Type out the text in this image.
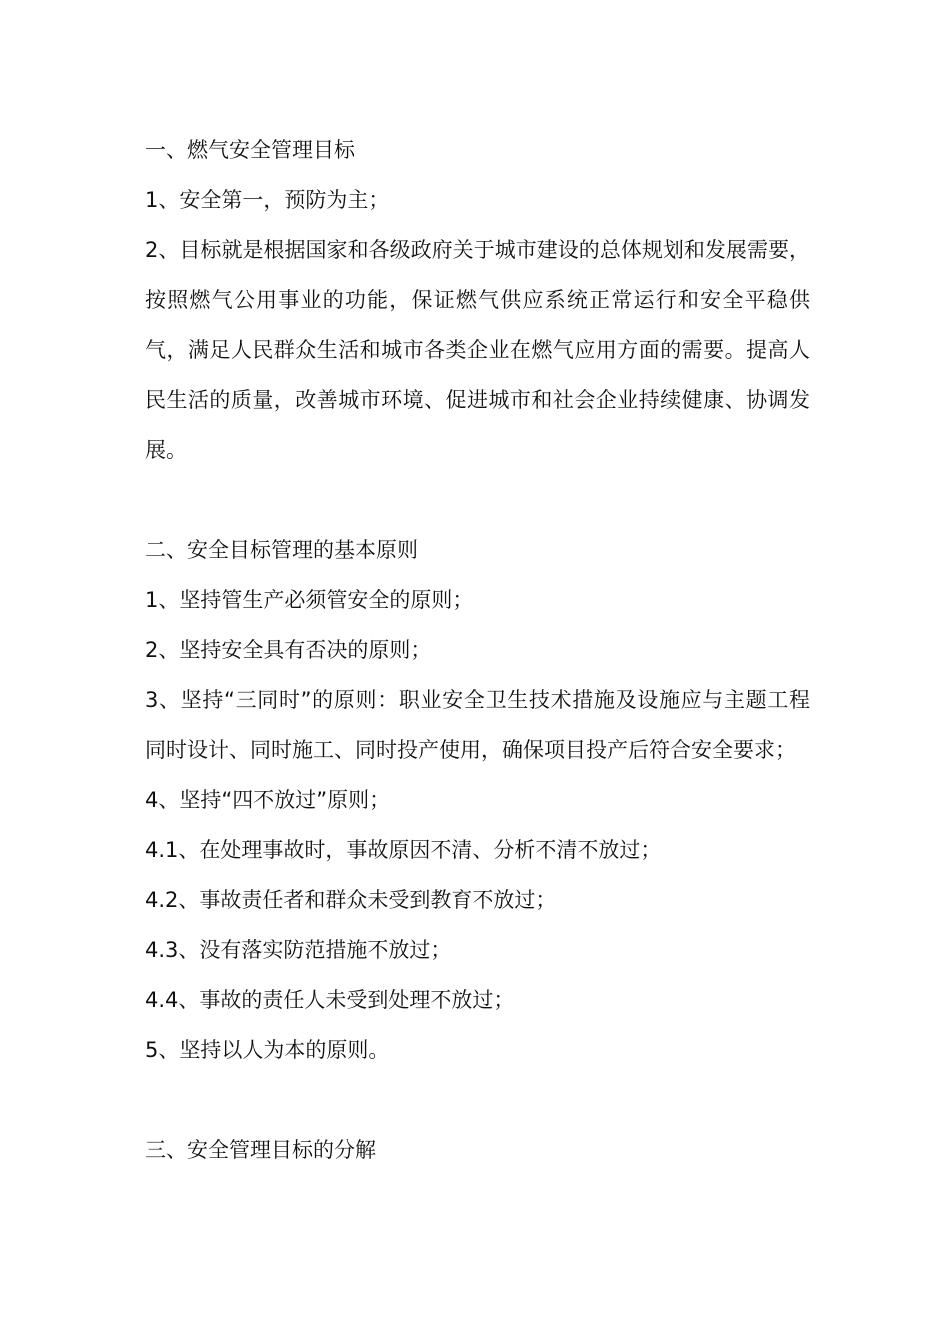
一、燃气安全管理目标
1、安全第一，预防为主；
2、目标就是根据国家和各级政府关于城市建设的总体规划和发展需要，按照燃气公用事业的功能，保证燃气供应系统正常运行和安全平稳供气，满足人民群众生活和城市各类企业在燃气应用方面的需要。提高人民生活的质量，改善城市环境、促进城市和社会企业持续健康、协调发展。
二、安全目标管理的基本原则
1、坚持管生产必须管安全的原则；
2、坚持安全具有否决的原则；
3、坚持“三同时”的原则：职业安全卫生技术措施及设施应与主题工程同时设计、同时施工、同时投产使用，确保项目投产后符合安全要求；
4、坚持“四不放过”原则；
4.1、在处理事故时，事故原因不清、分析不清不放过；
4.2、事故责任者和群众未受到教育不放过；
4.3、没有落实防范措施不放过；
4.4、事故的责任人未受到处理不放过；
5、坚持以人为本的原则。
三、安全管理目标的分解
